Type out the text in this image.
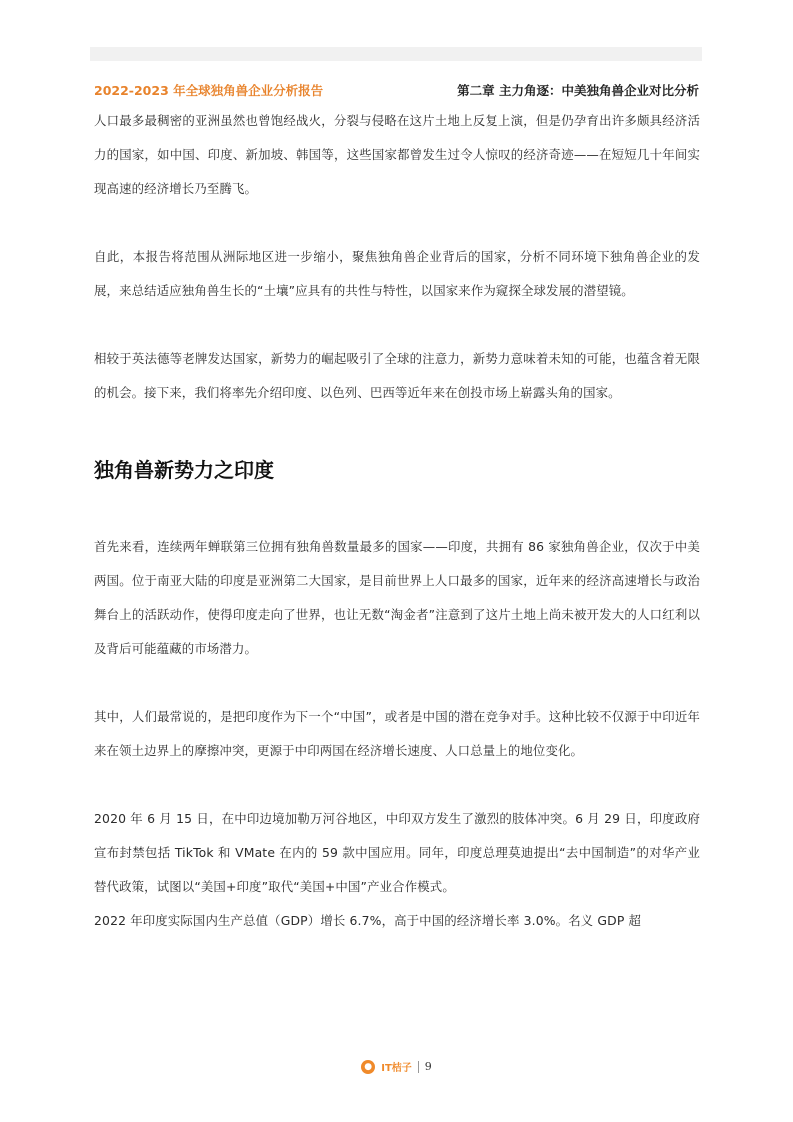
2022-2023 年全球独角兽企业分析报告	第二章 主力角逐：中美独角兽企业对比分析

人口最多最稠密的亚洲虽然也曾饱经战火，分裂与侵略在这片土地上反复上演，但是仍孕育出许多颇具经济活力的国家，如中国、印度、新加坡、韩国等，这些国家都曾发生过令人惊叹的经济奇迹——在短短几十年间实现高速的经济增长乃至腾飞。

自此，本报告将范围从洲际地区进一步缩小，聚焦独角兽企业背后的国家，分析不同环境下独角兽企业的发展，来总结适应独角兽生长的“土壤”应具有的共性与特性，以国家来作为窥探全球发展的潜望镜。

相较于英法德等老牌发达国家，新势力的崛起吸引了全球的注意力，新势力意味着未知的可能，也蕴含着无限的机会。接下来，我们将率先介绍印度、以色列、巴西等近年来在创投市场上崭露头角的国家。

独角兽新势力之印度

首先来看，连续两年蝉联第三位拥有独角兽数量最多的国家——印度，共拥有 86 家独角兽企业，仅次于中美两国。位于南亚大陆的印度是亚洲第二大国家，是目前世界上人口最多的国家，近年来的经济高速增长与政治舞台上的活跃动作，使得印度走向了世界，也让无数“淘金者”注意到了这片土地上尚未被开发大的人口红利以及背后可能蕴藏的市场潜力。

其中，人们最常说的，是把印度作为下一个“中国”，或者是中国的潜在竞争对手。这种比较不仅源于中印近年来在领土边界上的摩擦冲突，更源于中印两国在经济增长速度、人口总量上的地位变化。

2020 年 6 月 15 日，在中印边境加勒万河谷地区，中印双方发生了激烈的肢体冲突。6 月 29 日，印度政府宣布封禁包括 TikTok 和 VMate 在内的 59 款中国应用。同年，印度总理莫迪提出“去中国制造”的对华产业替代政策，试图以“美国+印度”取代“美国+中国”产业合作模式。

2022 年印度实际国内生产总值（GDP）增长 6.7%，高于中国的经济增长率 3.0%。名义 GDP 超

● IT桔子 9
